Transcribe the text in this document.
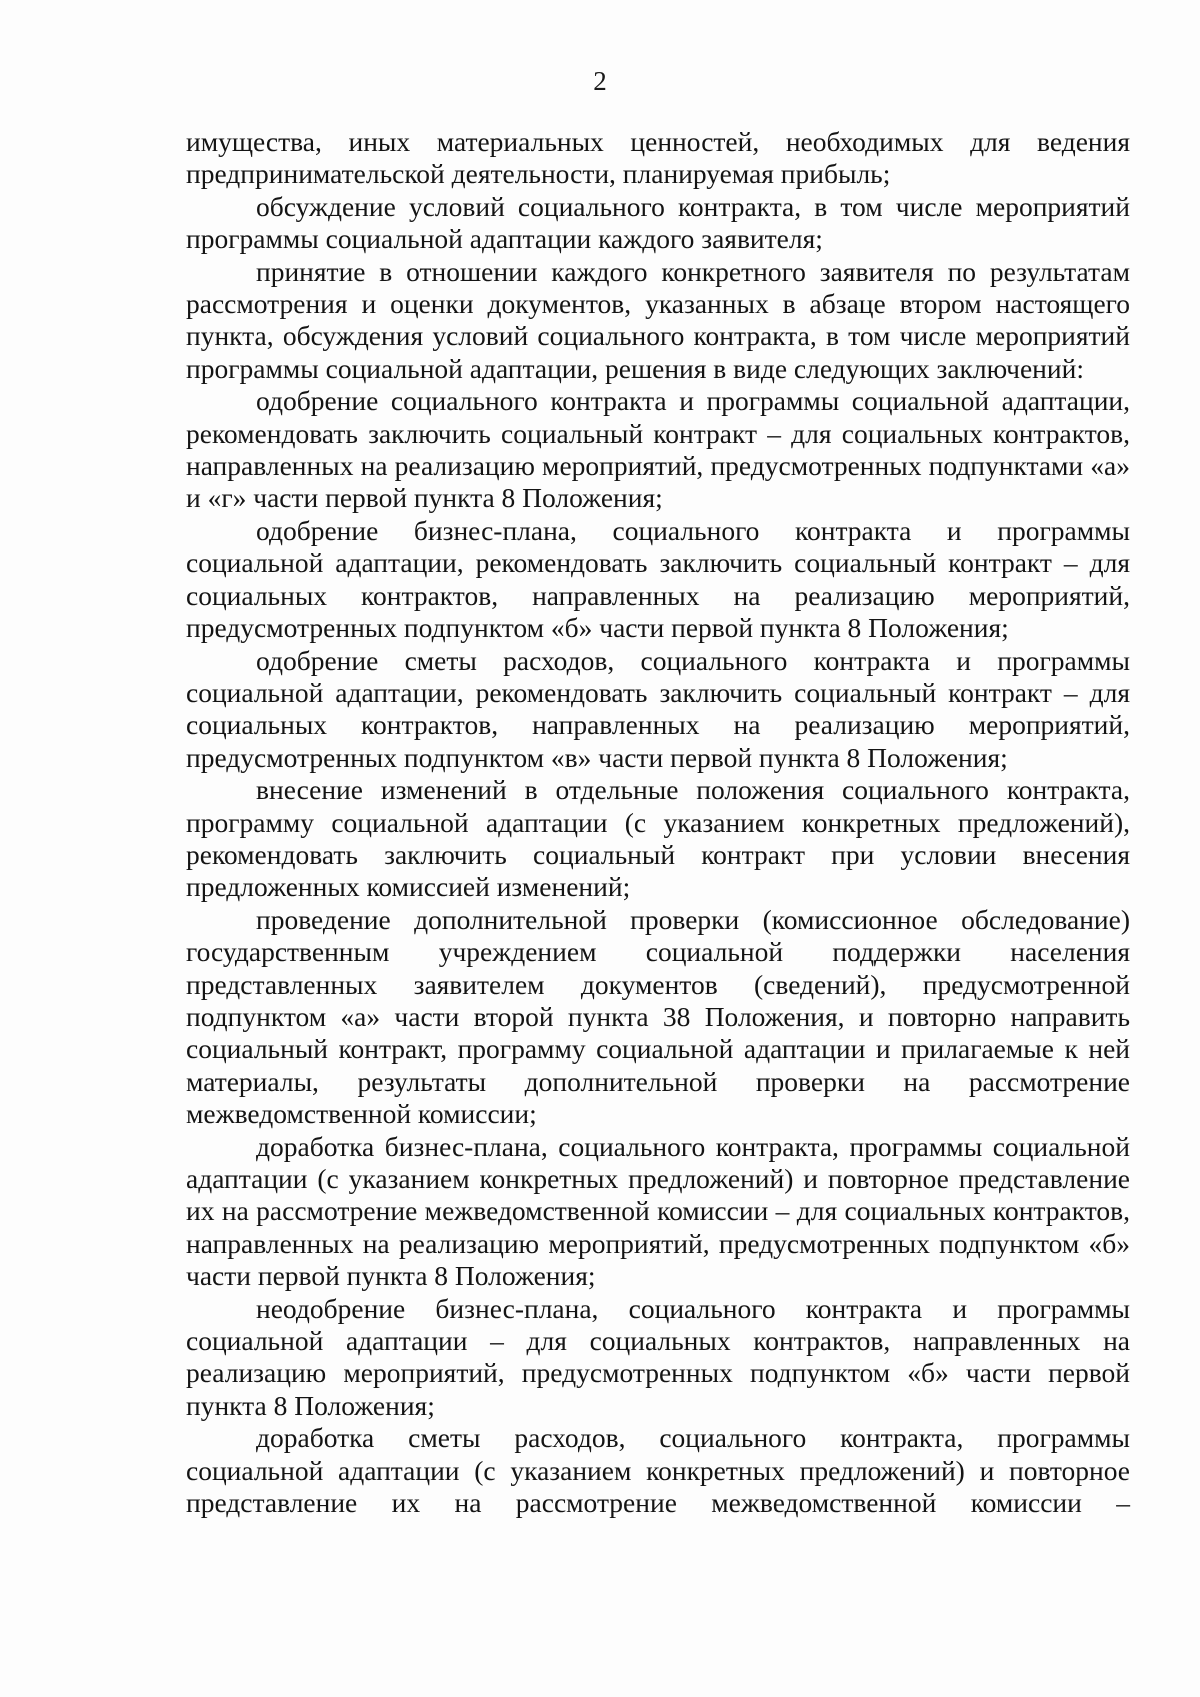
2

имущества, иных материальных ценностей, необходимых для ведения предпринимательской деятельности, планируемая прибыль;

обсуждение условий социального контракта, в том числе мероприятий программы социальной адаптации каждого заявителя;

принятие в отношении каждого конкретного заявителя по результатам рассмотрения и оценки документов, указанных в абзаце втором настоящего пункта, обсуждения условий социального контракта, в том числе мероприятий программы социальной адаптации, решения в виде следующих заключений:

одобрение социального контракта и программы социальной адаптации, рекомендовать заключить социальный контракт – для социальных контрактов, направленных на реализацию мероприятий, предусмотренных подпунктами «а» и «г» части первой пункта 8 Положения;

одобрение бизнес-плана, социального контракта и программы социальной адаптации, рекомендовать заключить социальный контракт – для социальных контрактов, направленных на реализацию мероприятий, предусмотренных подпунктом «б» части первой пункта 8 Положения;

одобрение сметы расходов, социального контракта и программы социальной адаптации, рекомендовать заключить социальный контракт – для социальных контрактов, направленных на реализацию мероприятий, предусмотренных подпунктом «в» части первой пункта 8 Положения;

внесение изменений в отдельные положения социального контракта, программу социальной адаптации (с указанием конкретных предложений), рекомендовать заключить социальный контракт при условии внесения предложенных комиссией изменений;

проведение дополнительной проверки (комиссионное обследование) государственным учреждением социальной поддержки населения представленных заявителем документов (сведений), предусмотренной подпунктом «а» части второй пункта 38 Положения, и повторно направить социальный контракт, программу социальной адаптации и прилагаемые к ней материалы, результаты дополнительной проверки на рассмотрение межведомственной комиссии;

доработка бизнес-плана, социального контракта, программы социальной адаптации (с указанием конкретных предложений) и повторное представление их на рассмотрение межведомственной комиссии – для социальных контрактов, направленных на реализацию мероприятий, предусмотренных подпунктом «б» части первой пункта 8 Положения;

неодобрение бизнес-плана, социального контракта и программы социальной адаптации – для социальных контрактов, направленных на реализацию мероприятий, предусмотренных подпунктом «б» части первой пункта 8 Положения;

доработка сметы расходов, социального контракта, программы социальной адаптации (с указанием конкретных предложений) и повторное представление их на рассмотрение межведомственной комиссии –
